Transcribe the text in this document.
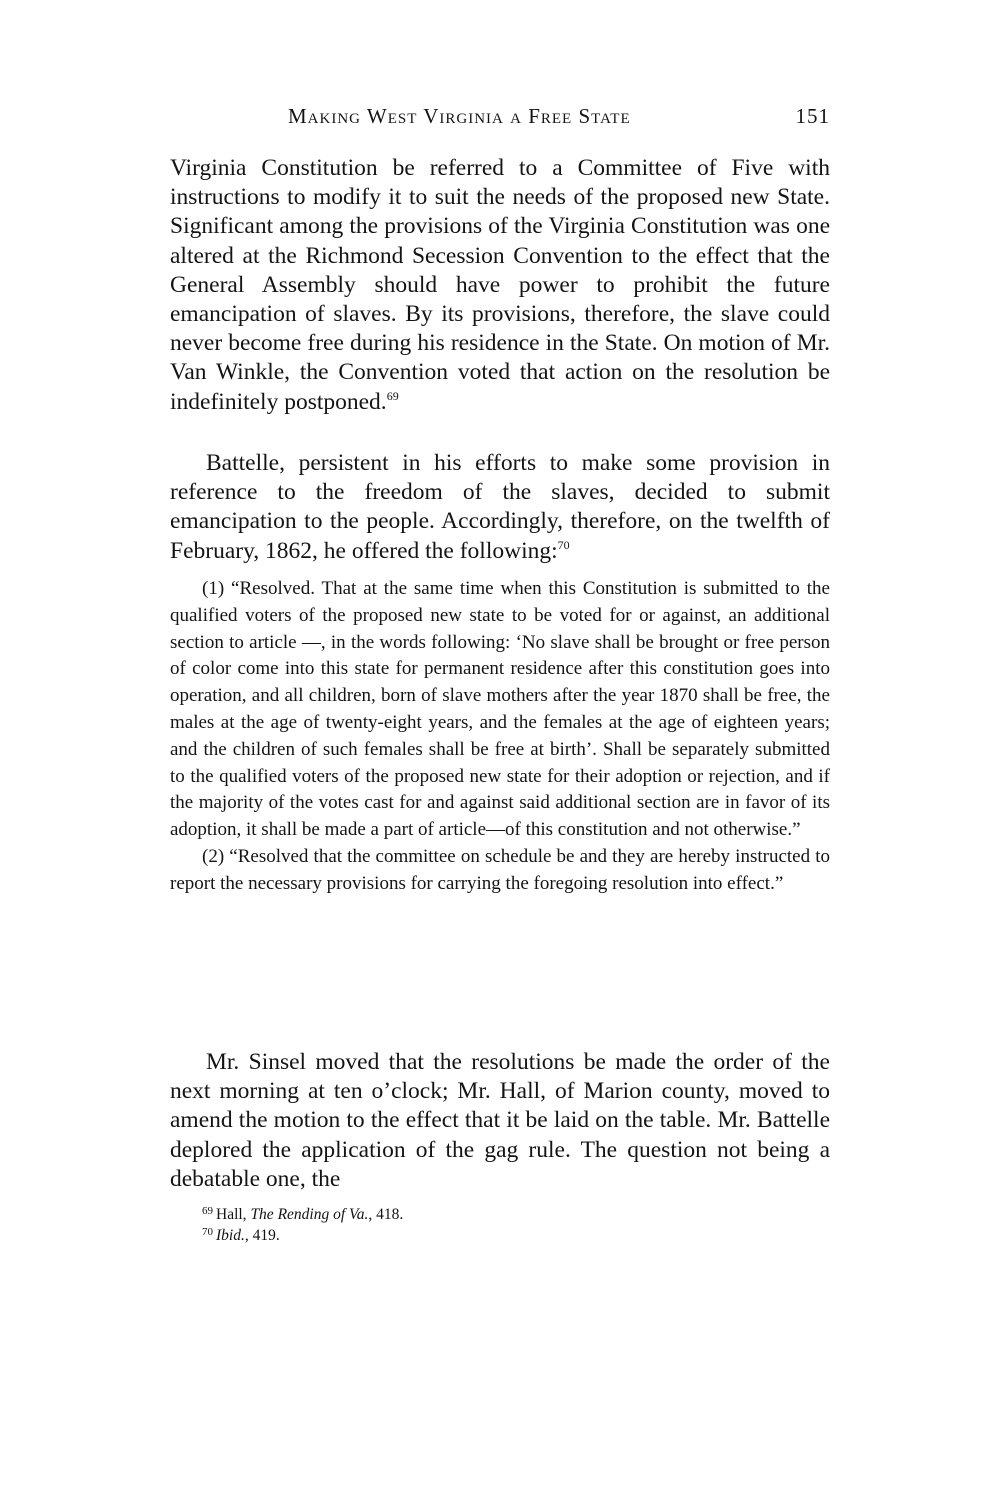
Making West Virginia a Free State	151

Virginia Constitution be referred to a Committee of Five with instructions to modify it to suit the needs of the proposed new State. Significant among the provisions of the Virginia Constitution was one altered at the Richmond Secession Convention to the effect that the General Assembly should have power to prohibit the future emancipation of slaves. By its provisions, therefore, the slave could never become free during his residence in the State. On motion of Mr. Van Winkle, the Convention voted that action on the resolution be indefinitely postponed.$^{69}$

Battelle, persistent in his efforts to make some provision in reference to the freedom of the slaves, decided to submit emancipation to the people. Accordingly, therefore, on the twelfth of February, 1862, he offered the following:$^{70}$

(1) “Resolved. That at the same time when this Constitution is submitted to the qualified voters of the proposed new state to be voted for or against, an additional section to article —, in the words following: ‘No slave shall be brought or free person of color come into this state for permanent residence after this constitution goes into operation, and all children, born of slave mothers after the year 1870 shall be free, the males at the age of twenty-eight years, and the females at the age of eighteen years; and the children of such females shall be free at birth’. Shall be separately submitted to the qualified voters of the proposed new state for their adoption or rejection, and if the majority of the votes cast for and against said additional section are in favor of its adoption, it shall be made a part of article—of this constitution and not otherwise.”

(2) “Resolved that the committee on schedule be and they are hereby instructed to report the necessary provisions for carrying the foregoing resolution into effect.”

Mr. Sinsel moved that the resolutions be made the order of the next morning at ten o’clock; Mr. Hall, of Marion county, moved to amend the motion to the effect that it be laid on the table. Mr. Battelle deplored the application of the gag rule. The question not being a debatable one, the

$^{69}$ Hall, The Rending of Va., 418.
$^{70}$ Ibid., 419.
